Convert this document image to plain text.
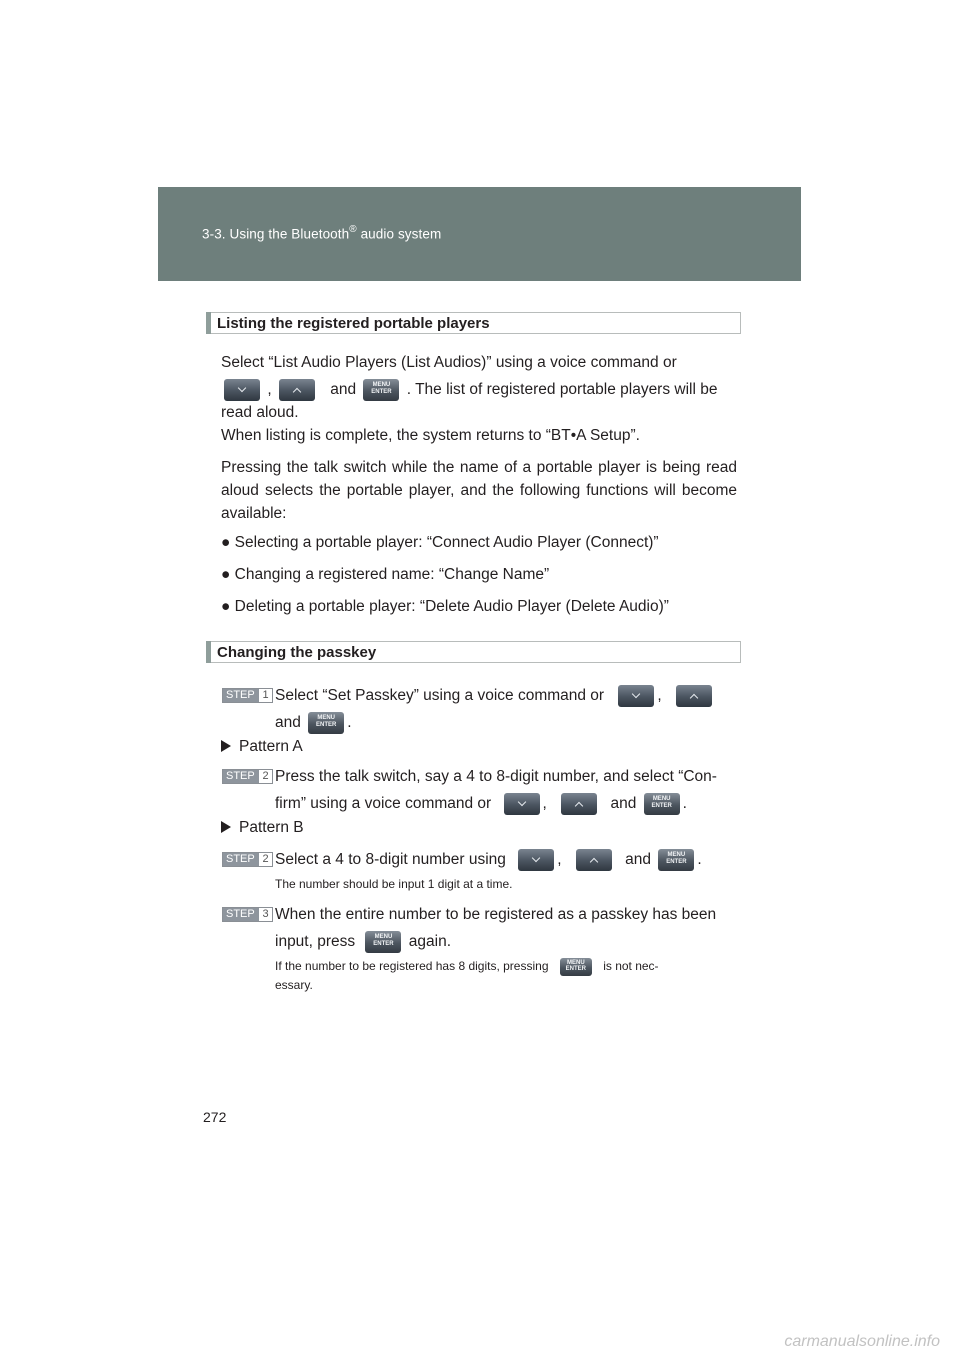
3-3. Using the Bluetooth® audio system
Listing the registered portable players
Select “List Audio Players (List Audios)” using a voice command or
,	and MENU ENTER	. The list of registered portable players will be
read aloud.
When listing is complete, the system returns to “BT•A Setup”.
Pressing the talk switch while the name of a portable player is being read aloud selects the portable player, and the following functions will become available:
● Selecting a portable player: “Connect Audio Player (Connect)”
● Changing a registered name: “Change Name”
● Deleting a portable player: “Delete Audio Player (Delete Audio)”
Changing the passkey
STEP 1 Select “Set Passkey” using a voice command or	,
and MENU ENTER	.
Pattern A
STEP 2 Press the talk switch, say a 4 to 8-digit number, and select “Con-
firm” using a voice command or	,	and MENU ENTER	.
Pattern B
STEP 2 Select a 4 to 8-digit number using	,	and MENU ENTER	.
The number should be input 1 digit at a time.
STEP 3 When the entire number to be registered as a passkey has been
input, press MENU ENTER	again.
If the number to be registered has 8 digits, pressing MENU ENTER	is not nec-
essary.
272
carmanualsonline.info
